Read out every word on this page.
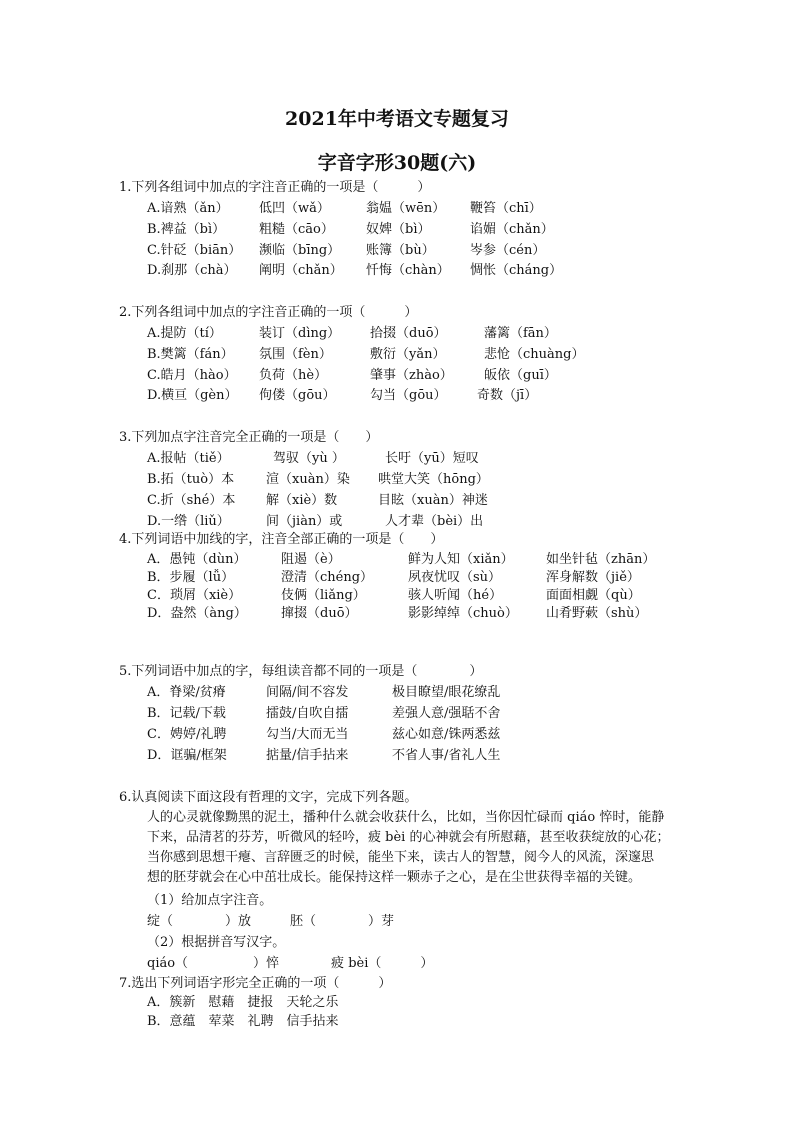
2021年中考语文专题复习
字音字形30题(六)
1.下列各组词中加点的字注音正确的一项是（　　　）
A.谙熟（ǎn） 低凹（wǎ）	翁媪（wēn） 鞭笞（chī）
B.裨益（bì）	粗糙（cāo） 奴婢（bì）	谄媚（chǎn）
C.针砭（biān） 濒临（bīng） 账簿（bù）	岑参（cén）
D.刹那（chà） 阐明（chǎn） 忏悔（chàn） 惆怅（cháng）
2.下列各组词中加点的字注音正确的一项（　　　）
A.提防（tí）	装订（dìng） 拾掇（duō）	藩篱（fān）
B.樊篱（fán） 氛围（fèn）	敷衍（yǎn）	悲怆（chuàng）
C.皓月（hào） 负荷（hè）	肇事（zhào） 皈依（guī）
D.横亘（gèn） 佝偻（gōu）	勾当（gōu） 奇数（jī）
3.下列加点字注音完全正确的一项是（　　）
A.报帖（tiě）	驾驭（yù ）	长吁（yū）短叹
B.拓（tuò）本 渲（xuàn）染 哄堂大笑（hōng）
C.折（shé）本 解（xiè）数	目眩（xuàn）神迷
D.一绺（liǔ）	间（jiàn）或	人才辈（bèi）出
4.下列词语中加线的字，注音全部正确的一项是（　　）
A．愚钝（dùn）	阻遏（è）	鲜为人知（xiǎn） 如坐针毡（zhān）
B．步履（lǚ）	澄清（chéng）	夙夜忧叹（sù）	浑身解数（jiě）
C．琐屑（xiè）	伎俩（liǎng）	骇人听闻（hé）	面面相觑（qù）
D．盎然（àng）	撺掇（duō）	影影绰绰（chuò） 山肴野蔌（shù）
5.下列词语中加点的字，每组读音都不同的一项是（　　　　）
A．脊梁/贫瘠	间隔/间不容发	极目瞭望/眼花缭乱
B．记载/下载	擂鼓/自吹自擂	差强人意/强聒不舍
C．娉婷/礼聘	勾当/大而无当	兹心如意/铢两悉兹
D．诓骗/框架	掂量/信手拈来	不省人事/省礼人生
6.认真阅读下面这段有哲理的文字，完成下列各题。
人的心灵就像黝黑的泥土，播种什么就会收获什么，比如，当你因忙碌而 qiáo 悴时，能静
下来，品清茗的芬芳，听微风的轻吟，疲 bèi 的心神就会有所慰藉，甚至收获绽放的心花；
当你感到思想干瘪、言辞匮乏的时候，能坐下来，读古人的智慧，阅今人的风流，深邃思
想的胚芽就会在心中茁壮成长。能保持这样一颗赤子之心，是在尘世获得幸福的关键。
（1）给加点字注音。
绽（　　　　）放　　　胚（　　　　）芽
（2）根据拼音写汉字。
qiáo（　　　　　）悴　　　　疲 bèi（　　　）
7.选出下列词语字形完全正确的一项（　　　）
A．簇新　慰藉　捷报　天轮之乐
B．意蕴　荤菜　礼聘　信手拈来
